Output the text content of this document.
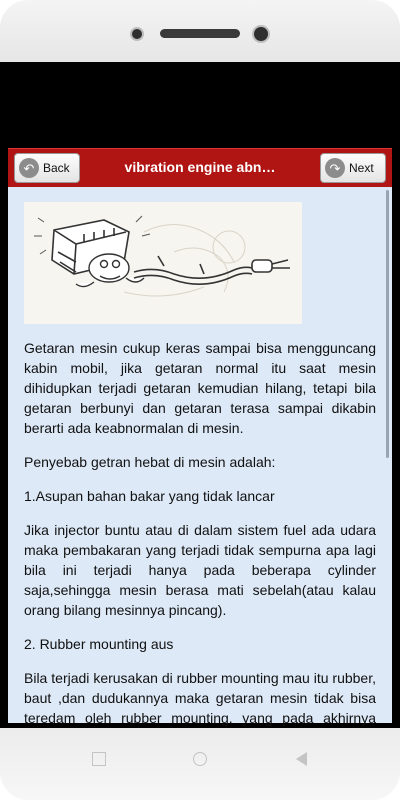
↶ Back	vibration engine abn…	↷ Next

Getaran mesin cukup keras sampai bisa mengguncang kabin mobil, jika getaran normal itu saat mesin dihidupkan terjadi getaran kemudian hilang, tetapi bila getaran berbunyi dan getaran terasa sampai dikabin berarti ada keabnormalan di mesin.

Penyebab getran hebat di mesin adalah:

1.Asupan bahan bakar yang tidak lancar

Jika injector buntu atau di dalam sistem fuel ada udara maka pembakaran yang terjadi tidak sempurna apa lagi bila ini terjadi hanya pada beberapa cylinder saja,sehingga mesin berasa mati sebelah(atau kalau orang bilang mesinnya pincang).

2. Rubber mounting aus

Bila terjadi kerusakan di rubber mounting mau itu rubber, baut ,dan dudukannya maka getaran mesin tidak bisa teredam oleh rubber mounting, yang pada akhirnya
